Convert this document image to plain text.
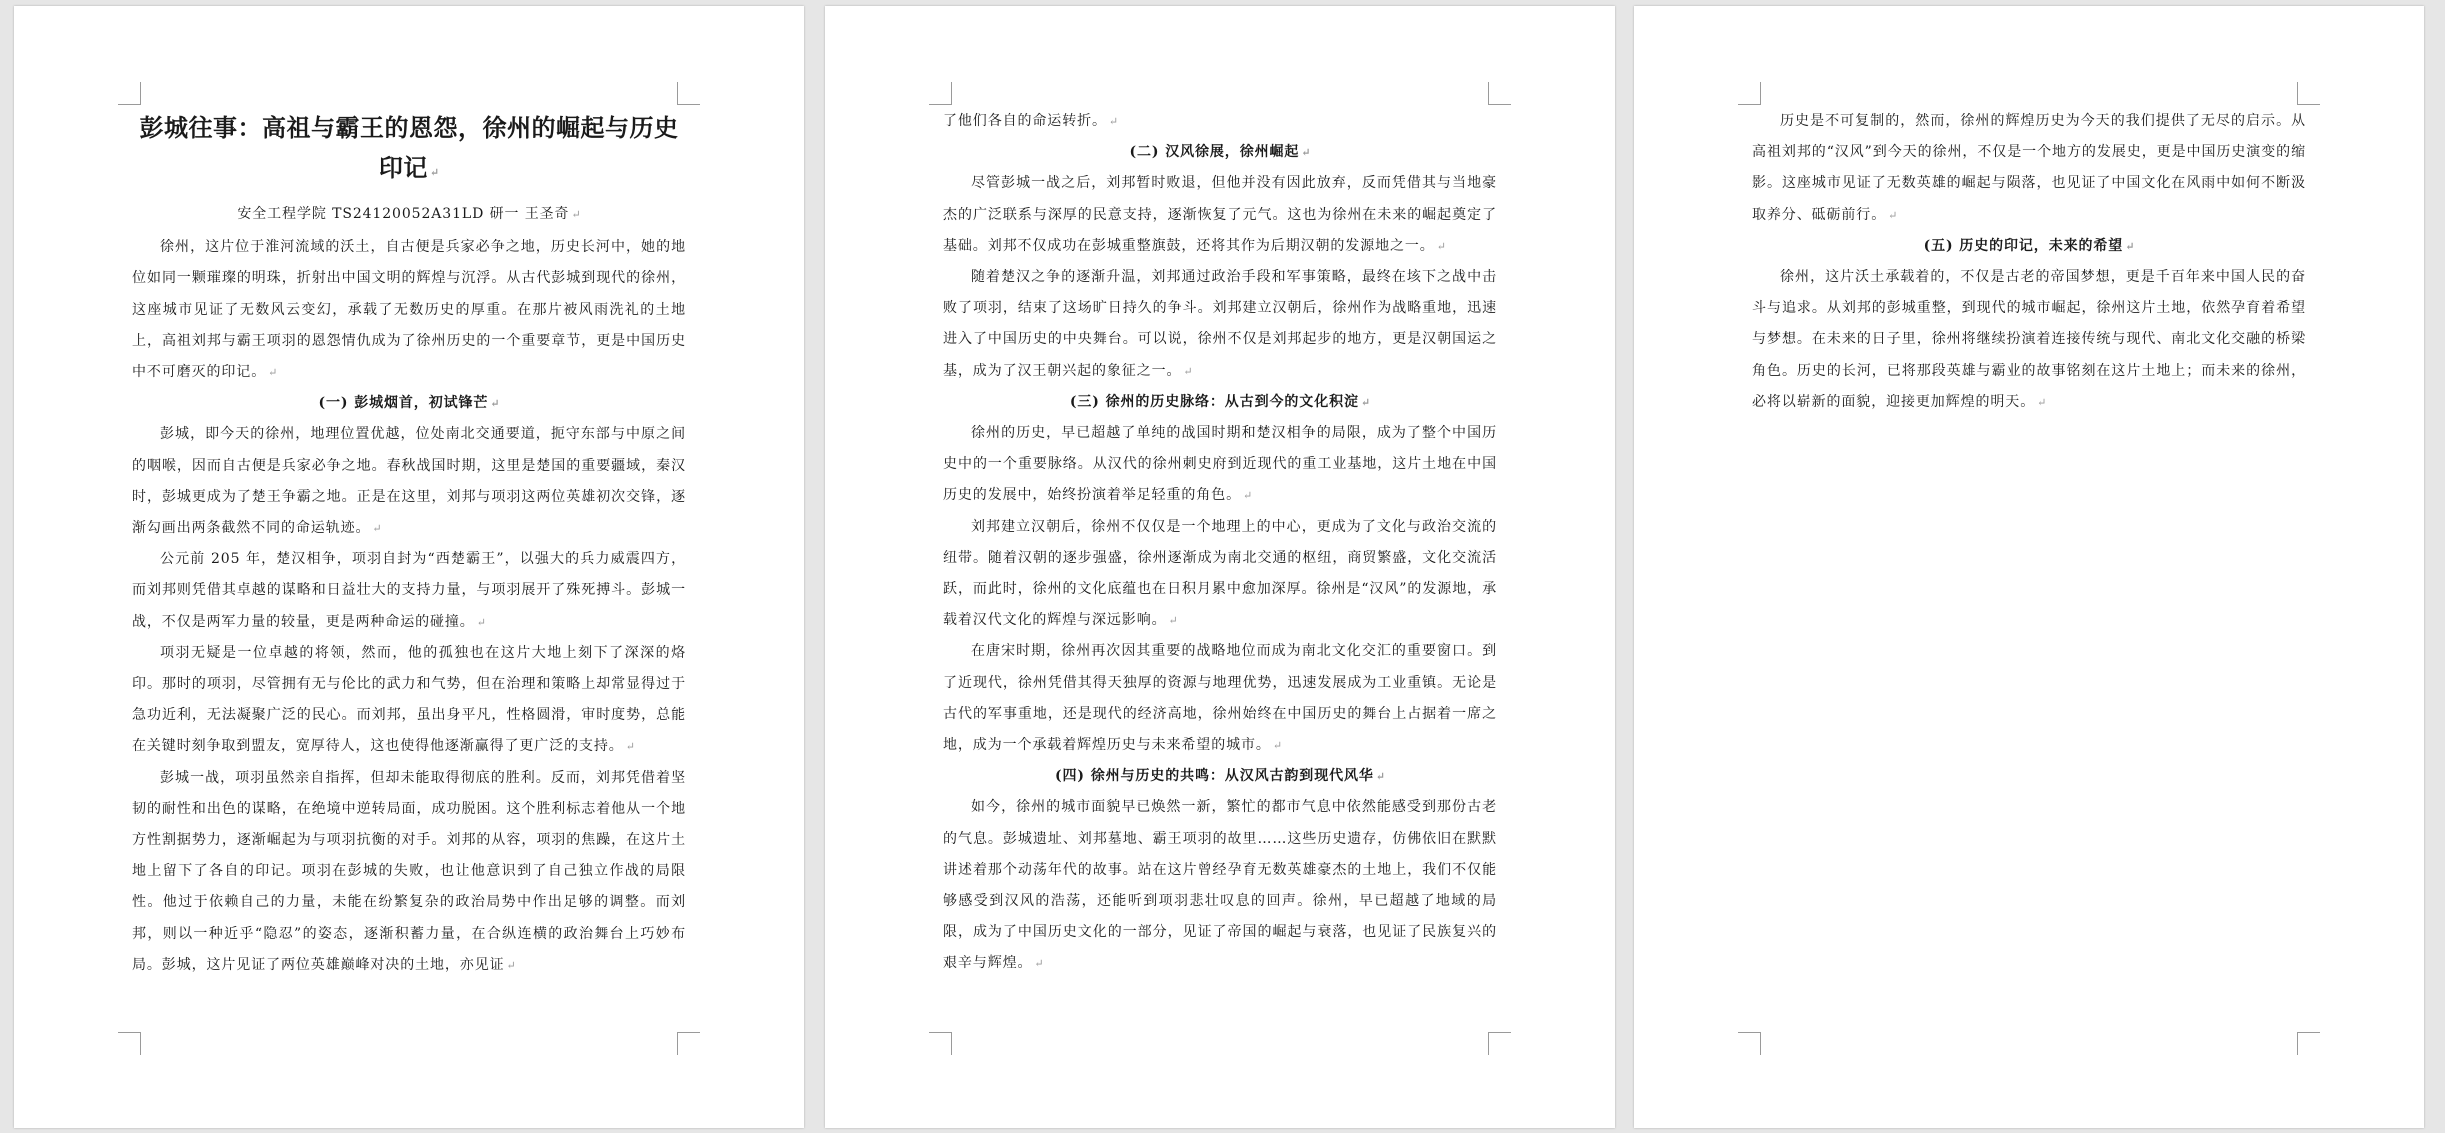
彭城往事：高祖与霸王的恩怨，徐州的崛起与历史印记 ↵
安全工程学院 TS24120052A31LD 研一 王圣奇 ↵
徐州，这片位于淮河流域的沃土，自古便是兵家必争之地，历史长河中，她的地位如同一颗璀璨的明珠，折射出中国文明的辉煌与沉浮。从古代彭城到现代的徐州，这座城市见证了无数风云变幻，承载了无数历史的厚重。在那片被风雨洗礼的土地上，高祖刘邦与霸王项羽的恩怨情仇成为了徐州历史的一个重要章节，更是中国历史中不可磨灭的印记。 ↵
(一) 彭城烟首，初试锋芒 ↵
彭城，即今天的徐州，地理位置优越，位处南北交通要道，扼守东部与中原之间的咽喉，因而自古便是兵家必争之地。春秋战国时期，这里是楚国的重要疆域，秦汉时，彭城更成为了楚王争霸之地。正是在这里，刘邦与项羽这两位英雄初次交锋，逐渐勾画出两条截然不同的命运轨迹。 ↵
公元前 205 年，楚汉相争，项羽自封为“西楚霸王”，以强大的兵力威震四方，而刘邦则凭借其卓越的谋略和日益壮大的支持力量，与项羽展开了殊死搏斗。彭城一战，不仅是两军力量的较量，更是两种命运的碰撞。 ↵
项羽无疑是一位卓越的将领，然而，他的孤独也在这片大地上刻下了深深的烙印。那时的项羽，尽管拥有无与伦比的武力和气势，但在治理和策略上却常显得过于急功近利，无法凝聚广泛的民心。而刘邦，虽出身平凡，性格圆滑，审时度势，总能在关键时刻争取到盟友，宽厚待人，这也使得他逐渐赢得了更广泛的支持。 ↵
彭城一战，项羽虽然亲自指挥，但却未能取得彻底的胜利。反而，刘邦凭借着坚韧的耐性和出色的谋略，在绝境中逆转局面，成功脱困。这个胜利标志着他从一个地方性割据势力，逐渐崛起为与项羽抗衡的对手。刘邦的从容，项羽的焦躁，在这片土地上留下了各自的印记。项羽在彭城的失败，也让他意识到了自己独立作战的局限性。他过于依赖自己的力量，未能在纷繁复杂的政治局势中作出足够的调整。而刘邦，则以一种近乎“隐忍”的姿态，逐渐积蓄力量，在合纵连横的政治舞台上巧妙布局。彭城，这片见证了两位英雄巅峰对决的土地，亦见证 ↵
了他们各自的命运转折。 ↵
(二) 汉风徐展，徐州崛起 ↵
尽管彭城一战之后，刘邦暂时败退，但他并没有因此放弃，反而凭借其与当地豪杰的广泛联系与深厚的民意支持，逐渐恢复了元气。这也为徐州在未来的崛起奠定了基础。刘邦不仅成功在彭城重整旗鼓，还将其作为后期汉朝的发源地之一。 ↵
随着楚汉之争的逐渐升温，刘邦通过政治手段和军事策略，最终在垓下之战中击败了项羽，结束了这场旷日持久的争斗。刘邦建立汉朝后，徐州作为战略重地，迅速进入了中国历史的中央舞台。可以说，徐州不仅是刘邦起步的地方，更是汉朝国运之基，成为了汉王朝兴起的象征之一。 ↵
(三) 徐州的历史脉络：从古到今的文化积淀 ↵
徐州的历史，早已超越了单纯的战国时期和楚汉相争的局限，成为了整个中国历史中的一个重要脉络。从汉代的徐州刺史府到近现代的重工业基地，这片土地在中国历史的发展中，始终扮演着举足轻重的角色。 ↵
刘邦建立汉朝后，徐州不仅仅是一个地理上的中心，更成为了文化与政治交流的纽带。随着汉朝的逐步强盛，徐州逐渐成为南北交通的枢纽，商贸繁盛，文化交流活跃，而此时，徐州的文化底蕴也在日积月累中愈加深厚。徐州是“汉风”的发源地，承载着汉代文化的辉煌与深远影响。 ↵
在唐宋时期，徐州再次因其重要的战略地位而成为南北文化交汇的重要窗口。到了近现代，徐州凭借其得天独厚的资源与地理优势，迅速发展成为工业重镇。无论是古代的军事重地，还是现代的经济高地，徐州始终在中国历史的舞台上占据着一席之地，成为一个承载着辉煌历史与未来希望的城市。 ↵
(四) 徐州与历史的共鸣：从汉风古韵到现代风华 ↵
如今，徐州的城市面貌早已焕然一新，繁忙的都市气息中依然能感受到那份古老的气息。彭城遗址、刘邦墓地、霸王项羽的故里……这些历史遗存，仿佛依旧在默默讲述着那个动荡年代的故事。站在这片曾经孕育无数英雄豪杰的土地上，我们不仅能够感受到汉风的浩荡，还能听到项羽悲壮叹息的回声。徐州，早已超越了地域的局限，成为了中国历史文化的一部分，见证了帝国的崛起与衰落，也见证了民族复兴的艰辛与辉煌。 ↵
历史是不可复制的，然而，徐州的辉煌历史为今天的我们提供了无尽的启示。从高祖刘邦的“汉风”到今天的徐州，不仅是一个地方的发展史，更是中国历史演变的缩影。这座城市见证了无数英雄的崛起与陨落，也见证了中国文化在风雨中如何不断汲取养分、砥砺前行。 ↵
(五) 历史的印记，未来的希望 ↵
徐州，这片沃土承载着的，不仅是古老的帝国梦想，更是千百年来中国人民的奋斗与追求。从刘邦的彭城重整，到现代的城市崛起，徐州这片土地，依然孕育着希望与梦想。在未来的日子里，徐州将继续扮演着连接传统与现代、南北文化交融的桥梁角色。历史的长河，已将那段英雄与霸业的故事铭刻在这片土地上；而未来的徐州，必将以崭新的面貌，迎接更加辉煌的明天。 ↵
